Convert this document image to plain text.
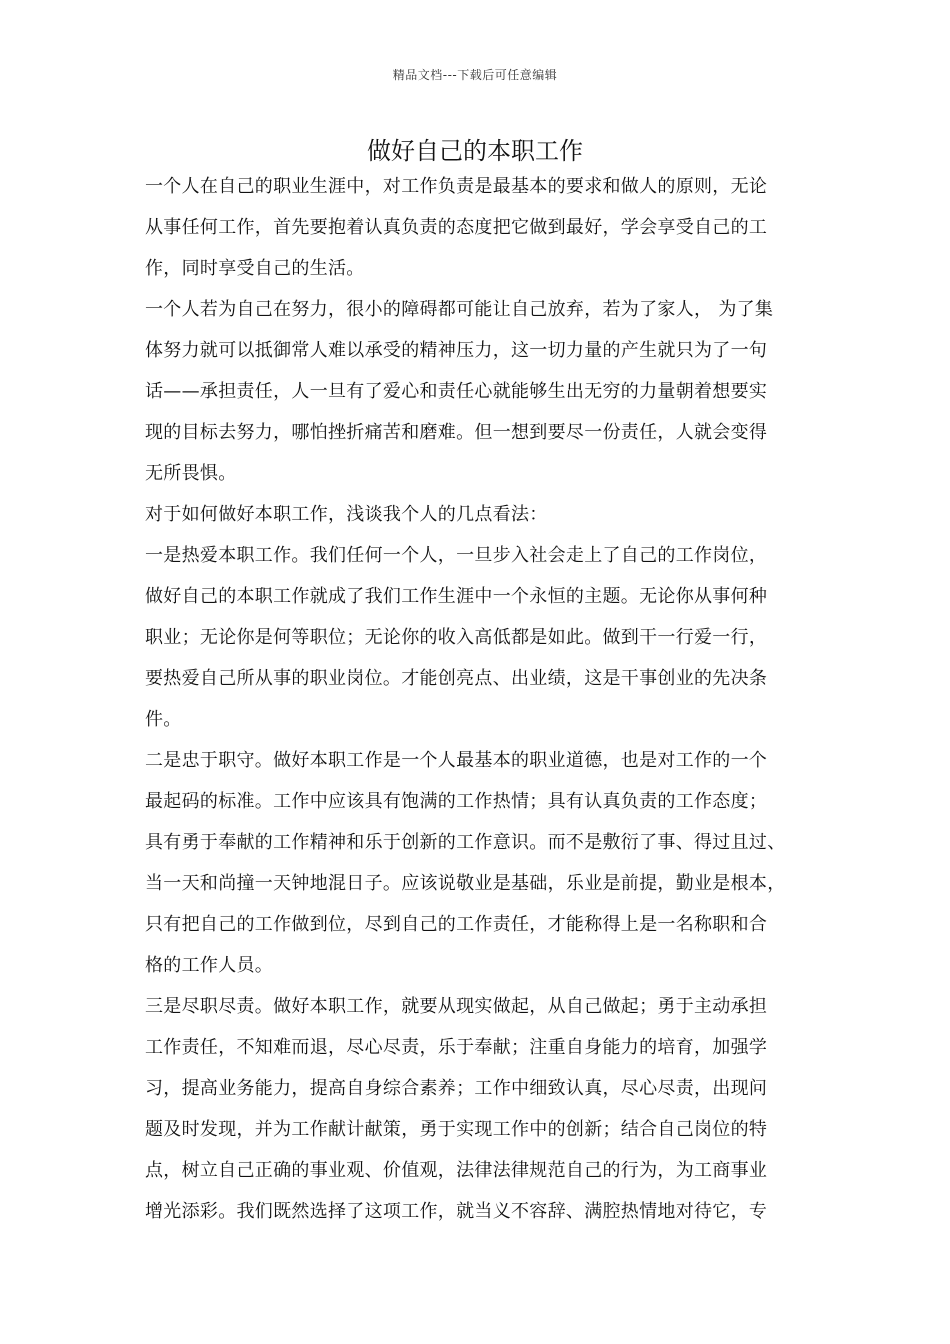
精品文档---下载后可任意编辑
做好自己的本职工作
一个人在自己的职业生涯中，对工作负责是最基本的要求和做人的原则，无论
从事任何工作，首先要抱着认真负责的态度把它做到最好，学会享受自己的工
作，同时享受自己的生活。
一个人若为自己在努力，很小的障碍都可能让自己放弃，若为了家人， 为了集
体努力就可以抵御常人难以承受的精神压力，这一切力量的产生就只为了一句
话——承担责任，人一旦有了爱心和责任心就能够生出无穷的力量朝着想要实
现的目标去努力，哪怕挫折痛苦和磨难。但一想到要尽一份责任，人就会变得
无所畏惧。
对于如何做好本职工作，浅谈我个人的几点看法：
一是热爱本职工作。我们任何一个人，一旦步入社会走上了自己的工作岗位，
做好自己的本职工作就成了我们工作生涯中一个永恒的主题。无论你从事何种
职业；无论你是何等职位；无论你的收入高低都是如此。做到干一行爱一行，
要热爱自己所从事的职业岗位。才能创亮点、出业绩，这是干事创业的先决条
件。
二是忠于职守。做好本职工作是一个人最基本的职业道德，也是对工作的一个
最起码的标准。工作中应该具有饱满的工作热情；具有认真负责的工作态度；
具有勇于奉献的工作精神和乐于创新的工作意识。而不是敷衍了事、得过且过、
当一天和尚撞一天钟地混日子。应该说敬业是基础，乐业是前提，勤业是根本，
只有把自己的工作做到位，尽到自己的工作责任，才能称得上是一名称职和合
格的工作人员。
三是尽职尽责。做好本职工作，就要从现实做起，从自己做起；勇于主动承担
工作责任，不知难而退，尽心尽责，乐于奉献；注重自身能力的培育，加强学
习，提高业务能力，提高自身综合素养；工作中细致认真，尽心尽责，出现问
题及时发现，并为工作献计献策，勇于实现工作中的创新；结合自己岗位的特
点，树立自己正确的事业观、价值观，法律法律规范自己的行为，为工商事业
增光添彩。我们既然选择了这项工作，就当义不容辞、满腔热情地对待它，专
